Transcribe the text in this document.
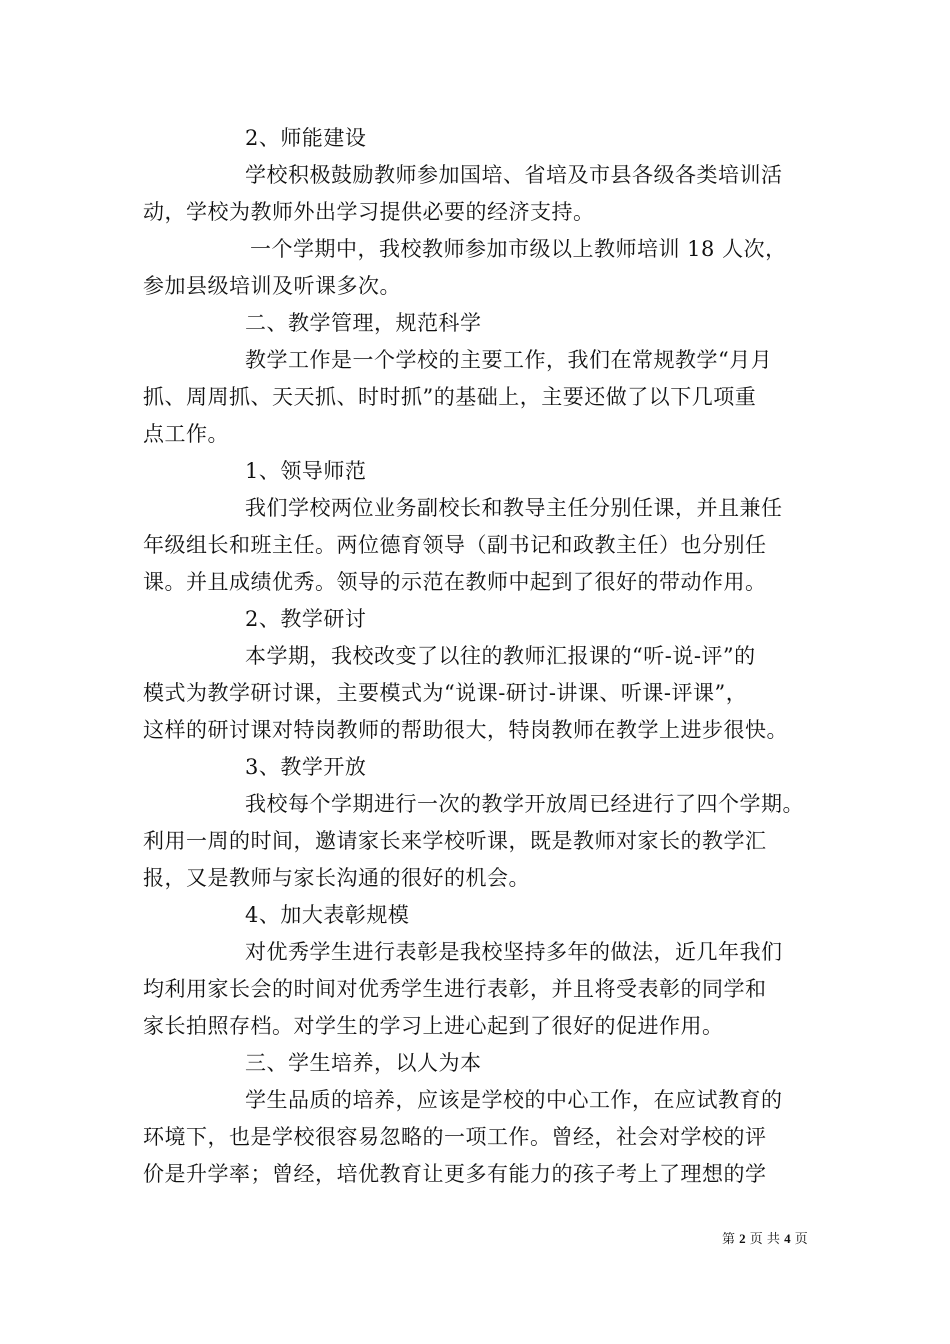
2、师能建设
学校积极鼓励教师参加国培、省培及市县各级各类培训活
动，学校为教师外出学习提供必要的经济支持。
一个学期中，我校教师参加市级以上教师培训 18 人次，
参加县级培训及听课多次。
二、教学管理，规范科学
教学工作是一个学校的主要工作，我们在常规教学“月月
抓、周周抓、天天抓、时时抓”的基础上，主要还做了以下几项重
点工作。
1、领导师范
我们学校两位业务副校长和教导主任分别任课，并且兼任
年级组长和班主任。两位德育领导（副书记和政教主任）也分别任
课。并且成绩优秀。领导的示范在教师中起到了很好的带动作用。
2、教学研讨
本学期，我校改变了以往的教师汇报课的“听-说-评”的
模式为教学研讨课，主要模式为“说课-研讨-讲课、听课-评课”，
这样的研讨课对特岗教师的帮助很大，特岗教师在教学上进步很快。
3、教学开放
我校每个学期进行一次的教学开放周已经进行了四个学期。
利用一周的时间，邀请家长来学校听课，既是教师对家长的教学汇
报，又是教师与家长沟通的很好的机会。
4、加大表彰规模
对优秀学生进行表彰是我校坚持多年的做法，近几年我们
均利用家长会的时间对优秀学生进行表彰，并且将受表彰的同学和
家长拍照存档。对学生的学习上进心起到了很好的促进作用。
三、学生培养，以人为本
学生品质的培养，应该是学校的中心工作，在应试教育的
环境下，也是学校很容易忽略的一项工作。曾经，社会对学校的评
价是升学率；曾经，培优教育让更多有能力的孩子考上了理想的学
第 2 页 共 4 页
